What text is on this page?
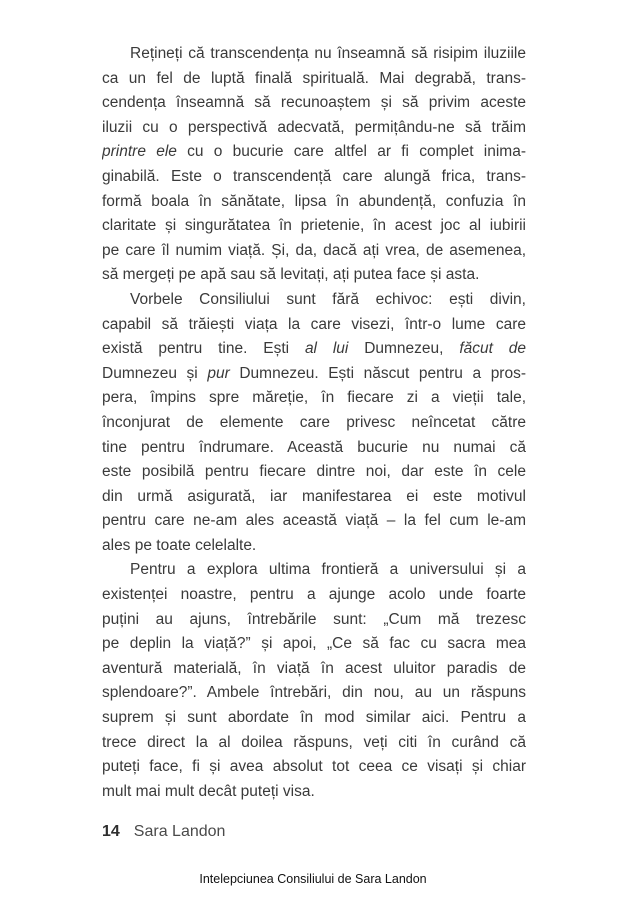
Rețineți că transcendența nu înseamnă să risipim iluziile
ca un fel de luptă finală spirituală. Mai degrabă, trans-
cendența înseamnă să recunoaștem și să privim aceste
iluzii cu o perspectivă adecvată, permițându-ne să trăim
printre ele cu o bucurie care altfel ar fi complet inima-
ginabilă. Este o transcendență care alungă frica, trans-
formă boala în sănătate, lipsa în abundență, confuzia în
claritate și singurătatea în prietenie, în acest joc al iubirii
pe care îl numim viață. Și, da, dacă ați vrea, de asemenea,
să mergeți pe apă sau să levitați, ați putea face și asta.
Vorbele Consiliului sunt fără echivoc: ești divin,
capabil să trăiești viața la care visezi, într-o lume care
există pentru tine. Ești al lui Dumnezeu, făcut de
Dumnezeu și pur Dumnezeu. Ești născut pentru a pros-
pera, împins spre măreție, în fiecare zi a vieții tale,
înconjurat de elemente care privesc neîncetat către
tine pentru îndrumare. Această bucurie nu numai că
este posibilă pentru fiecare dintre noi, dar este în cele
din urmă asigurată, iar manifestarea ei este motivul
pentru care ne-am ales această viață – la fel cum le-am
ales pe toate celelalte.
Pentru a explora ultima frontieră a universului și a
existenței noastre, pentru a ajunge acolo unde foarte
puțini au ajuns, întrebările sunt: „Cum mă trezesc
pe deplin la viață?” și apoi, „Ce să fac cu sacra mea
aventură materială, în viață în acest uluitor paradis de
splendoare?”. Ambele întrebări, din nou, au un răspuns
suprem și sunt abordate în mod similar aici. Pentru a
trece direct la al doilea răspuns, veți citi în curând că
puteți face, fi și avea absolut tot ceea ce visați și chiar
mult mai mult decât puteți visa.
14 Sara Landon
Intelepciunea Consiliului de Sara Landon
